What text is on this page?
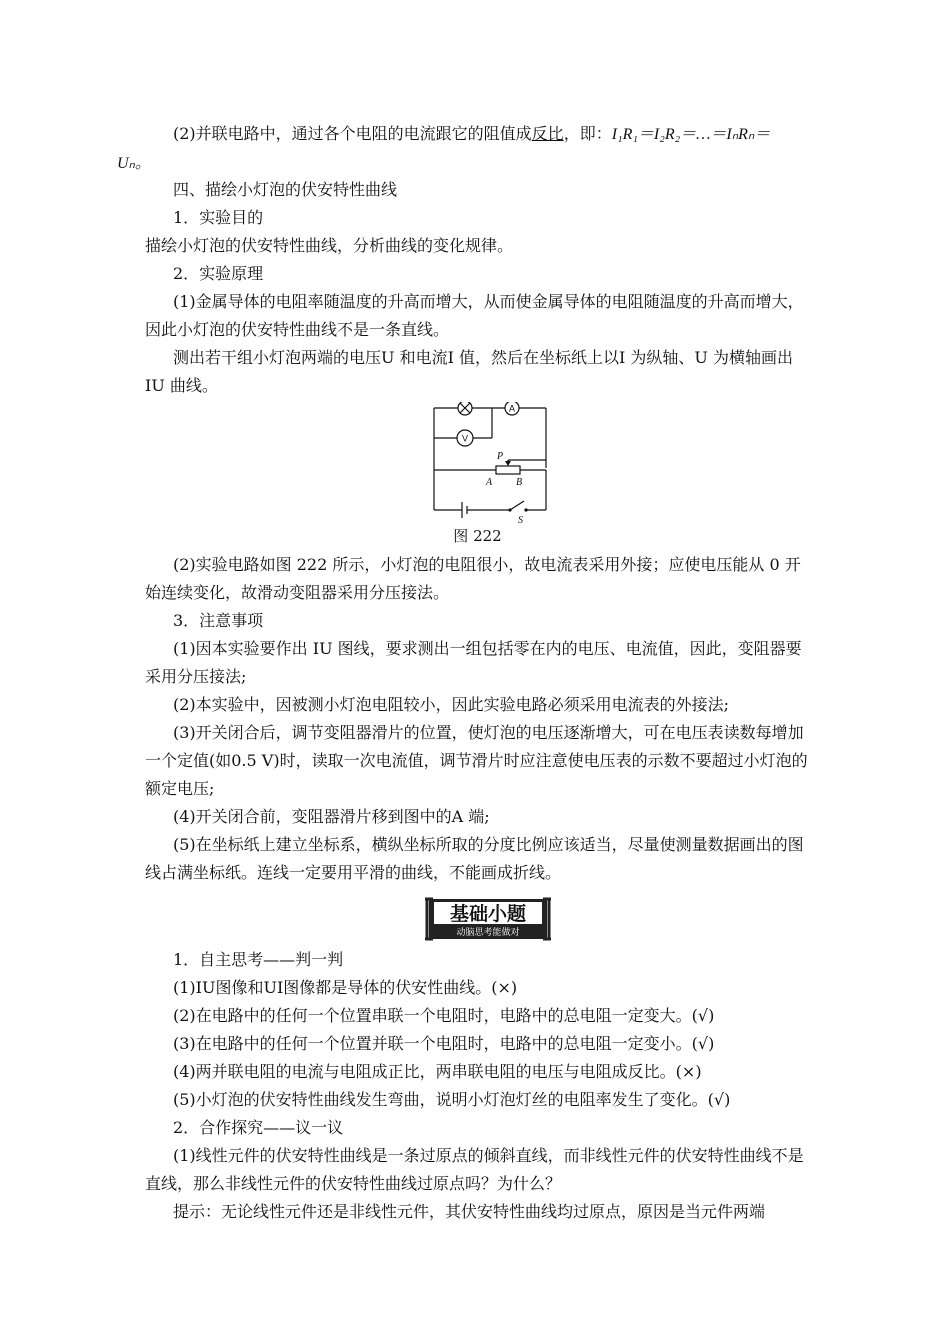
(2)并联电路中，通过各个电阻的电流跟它的阻值成反比，即：I₁R₁＝I₂R₂＝…＝IₙRₙ＝
Uₙ。

四、描绘小灯泡的伏安特性曲线

1．实验目的

描绘小灯泡的伏安特性曲线，分析曲线的变化规律。

2．实验原理

(1)金属导体的电阻率随温度的升高而增大，从而使金属导体的电阻随温度的升高而增大，因此小灯泡的伏安特性曲线不是一条直线。

测出若干组小灯泡两端的电压U 和电流I 值，然后在坐标纸上以I 为纵轴、U 为横轴画出IU 曲线。

A
V
P
A B
S
图 222

(2)实验电路如图 222 所示，小灯泡的电阻很小，故电流表采用外接；应使电压能从 0 开始连续变化，故滑动变阻器采用分压接法。

3．注意事项

(1)因本实验要作出 IU 图线，要求测出一组包括零在内的电压、电流值，因此，变阻器要采用分压接法;

(2)本实验中，因被测小灯泡电阻较小，因此实验电路必须采用电流表的外接法;

(3)开关闭合后，调节变阻器滑片的位置，使灯泡的电压逐渐增大，可在电压表读数每增加一个定值(如0.5 V)时，读取一次电流值，调节滑片时应注意使电压表的示数不要超过小灯泡的额定电压;

(4)开关闭合前，变阻器滑片移到图中的A 端;

(5)在坐标纸上建立坐标系，横纵坐标所取的分度比例应该适当，尽量使测量数据画出的图线占满坐标纸。连线一定要用平滑的曲线，不能画成折线。

基础小题
动脑思考能做对

1．自主思考——判一判

(1)IU图像和UI图像都是导体的伏安性曲线。(×)

(2)在电路中的任何一个位置串联一个电阻时，电路中的总电阻一定变大。(√)

(3)在电路中的任何一个位置并联一个电阻时，电路中的总电阻一定变小。(√)

(4)两并联电阻的电流与电阻成正比，两串联电阻的电压与电阻成反比。(×)

(5)小灯泡的伏安特性曲线发生弯曲，说明小灯泡灯丝的电阻率发生了变化。(√)

2．合作探究——议一议

(1)线性元件的伏安特性曲线是一条过原点的倾斜直线，而非线性元件的伏安特性曲线不是直线，那么非线性元件的伏安特性曲线过原点吗？为什么？

提示：无论线性元件还是非线性元件，其伏安特性曲线均过原点，原因是当元件两端
